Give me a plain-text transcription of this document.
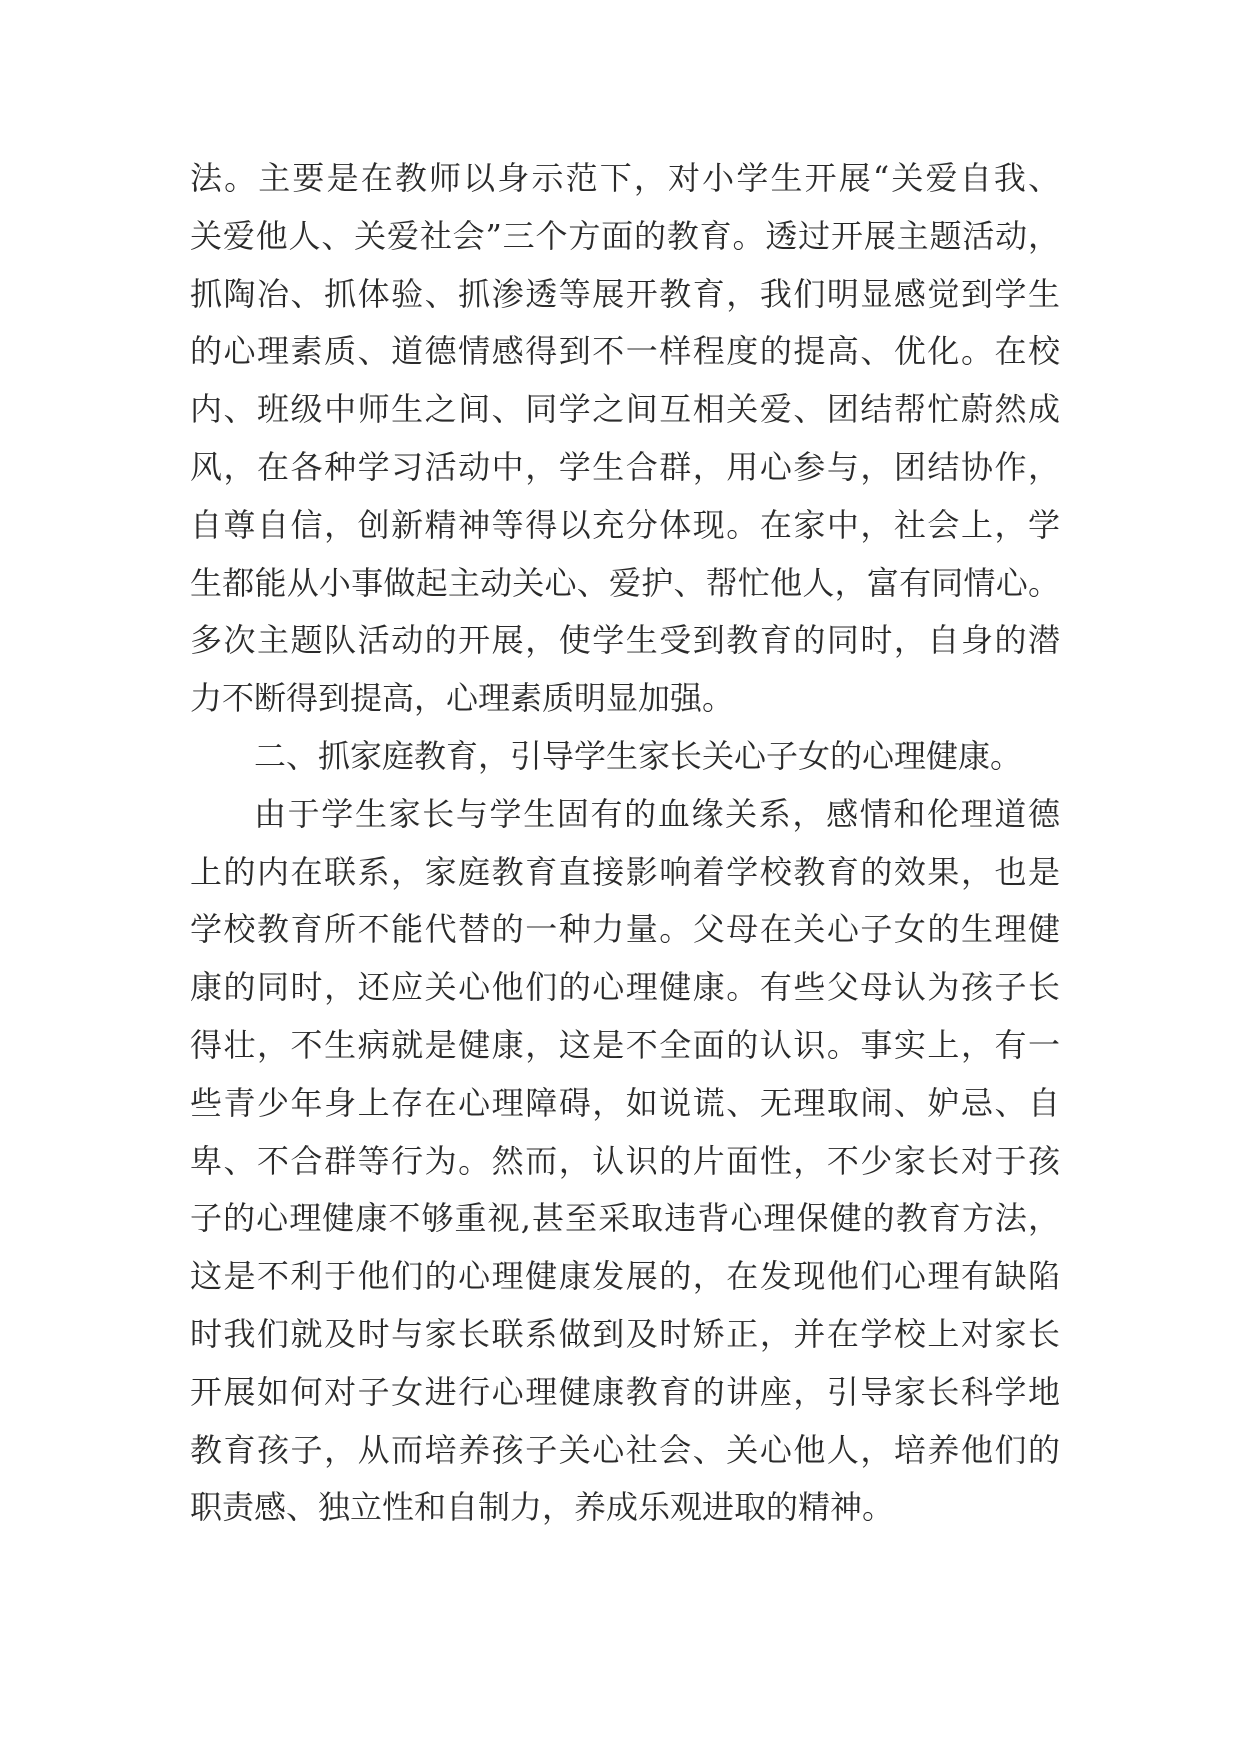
法。主要是在教师以身示范下，对小学生开展“关爱自我、
关爱他人、关爱社会”三个方面的教育。透过开展主题活动，
抓陶冶、抓体验、抓渗透等展开教育，我们明显感觉到学生
的心理素质、道德情感得到不一样程度的提高、优化。在校
内、班级中师生之间、同学之间互相关爱、团结帮忙蔚然成
风，在各种学习活动中，学生合群，用心参与，团结协作，
自尊自信，创新精神等得以充分体现。在家中，社会上，学
生都能从小事做起主动关心、爱护、帮忙他人，富有同情心。
多次主题队活动的开展，使学生受到教育的同时，自身的潜
力不断得到提高，心理素质明显加强。
二、抓家庭教育，引导学生家长关心子女的心理健康。
由于学生家长与学生固有的血缘关系，感情和伦理道德
上的内在联系，家庭教育直接影响着学校教育的效果，也是
学校教育所不能代替的一种力量。父母在关心子女的生理健
康的同时，还应关心他们的心理健康。有些父母认为孩子长
得壮，不生病就是健康，这是不全面的认识。事实上，有一
些青少年身上存在心理障碍，如说谎、无理取闹、妒忌、自
卑、不合群等行为。然而，认识的片面性，不少家长对于孩
子的心理健康不够重视,甚至采取违背心理保健的教育方法，
这是不利于他们的心理健康发展的，在发现他们心理有缺陷
时我们就及时与家长联系做到及时矫正，并在学校上对家长
开展如何对子女进行心理健康教育的讲座，引导家长科学地
教育孩子，从而培养孩子关心社会、关心他人，培养他们的
职责感、独立性和自制力，养成乐观进取的精神。
